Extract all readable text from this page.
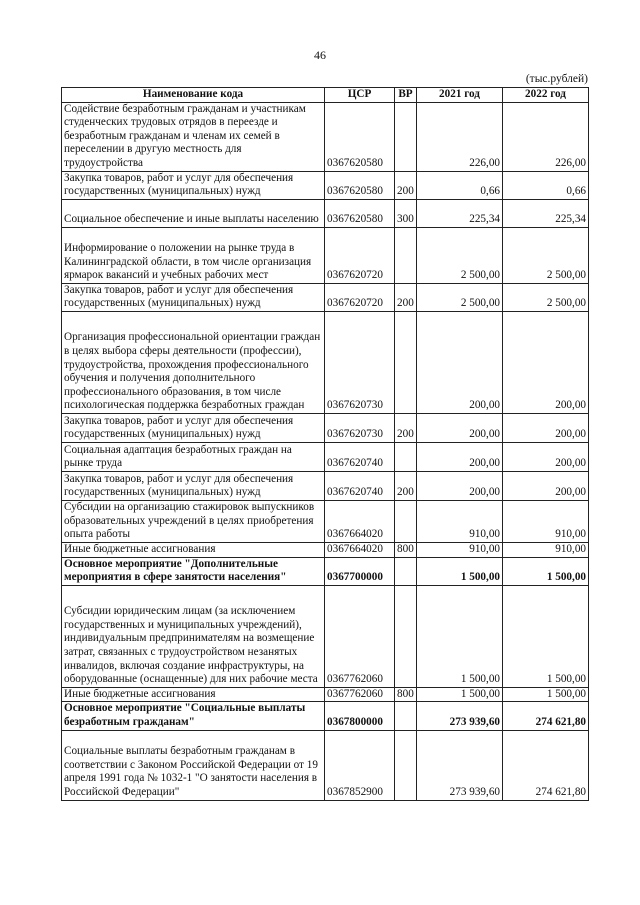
46
(тыс.рублей)
Наименование кода	ЦСР	ВР	2021 год	2022 год
Содействие безработным гражданам и участникам студенческих трудовых отрядов в переезде и безработным гражданам и членам их семей в переселении в другую местность для трудоустройства	0367620580		226,00	226,00
Закупка товаров, работ и услуг для обеспечения государственных (муниципальных) нужд	0367620580	200	0,66	0,66
Социальное обеспечение и иные выплаты населению	0367620580	300	225,34	225,34
Информирование о положении на рынке труда в Калининградской области, в том числе организация ярмарок вакансий и учебных рабочих мест	0367620720		2 500,00	2 500,00
Закупка товаров, работ и услуг для обеспечения государственных (муниципальных) нужд	0367620720	200	2 500,00	2 500,00
Организация профессиональной ориентации граждан в целях выбора сферы деятельности (профессии), трудоустройства, прохождения профессионального обучения и получения дополнительного профессионального образования, в том числе психологическая поддержка безработных граждан	0367620730		200,00	200,00
Закупка товаров, работ и услуг для обеспечения государственных (муниципальных) нужд	0367620730	200	200,00	200,00
Социальная адаптация безработных граждан на рынке труда	0367620740		200,00	200,00
Закупка товаров, работ и услуг для обеспечения государственных (муниципальных) нужд	0367620740	200	200,00	200,00
Субсидии на организацию стажировок выпускников образовательных учреждений в целях приобретения опыта работы	0367664020		910,00	910,00
Иные бюджетные ассигнования	0367664020	800	910,00	910,00
Основное мероприятие "Дополнительные мероприятия в сфере занятости населения"	0367700000		1 500,00	1 500,00
Субсидии юридическим лицам (за исключением государственных и муниципальных учреждений), индивидуальным предпринимателям на возмещение затрат, связанных с трудоустройством незанятых инвалидов, включая создание инфраструктуры, на оборудованные (оснащенные) для них рабочие места	0367762060		1 500,00	1 500,00
Иные бюджетные ассигнования	0367762060	800	1 500,00	1 500,00
Основное мероприятие "Социальные выплаты безработным гражданам"	0367800000		273 939,60	274 621,80
Социальные выплаты безработным гражданам в соответствии с Законом Российской Федерации от 19 апреля 1991 года № 1032-1 "О занятости населения в Российской Федерации"	0367852900		273 939,60	274 621,80
